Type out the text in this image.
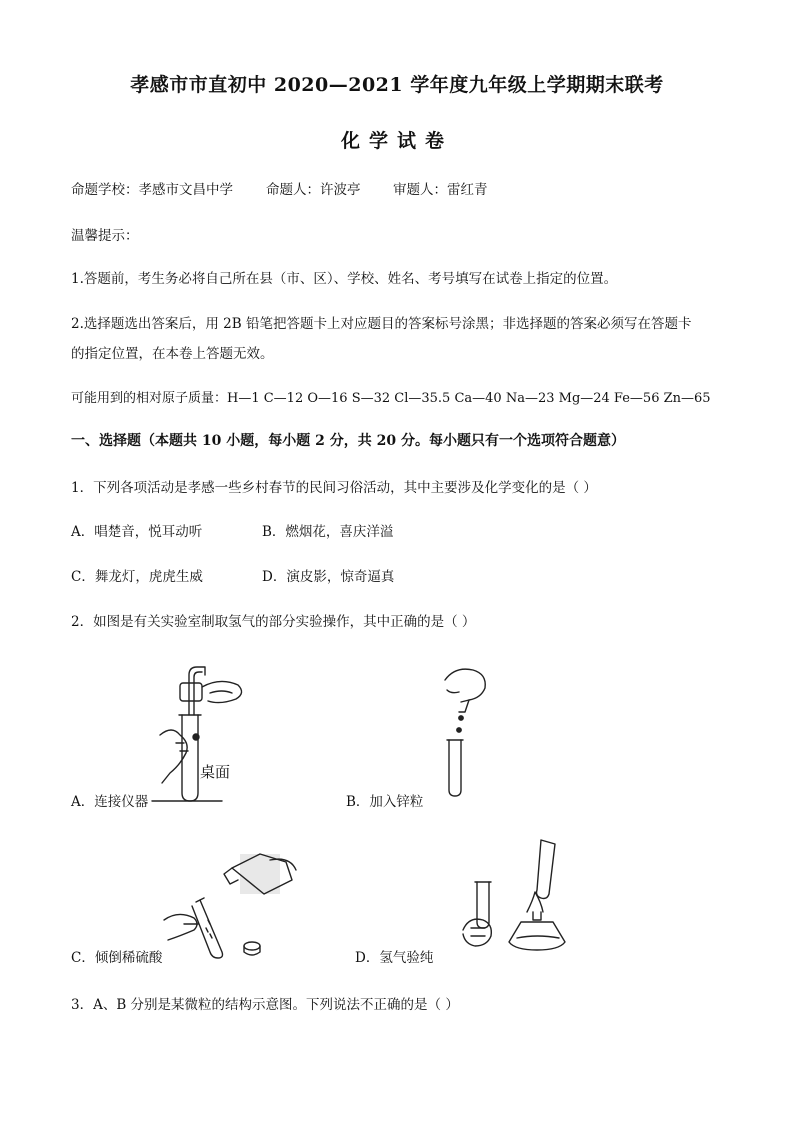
孝感市市直初中 2020—2021 学年度九年级上学期期末联考
化学试卷
命题学校：孝感市文昌中学 命题人：许波亭 审题人：雷红青
温馨提示：
1.答题前，考生务必将自己所在县（市、区）、学校、姓名、考号填写在试卷上指定的位置。
2.选择题选出答案后，用 2B 铅笔把答题卡上对应题目的答案标号涂黑；非选择题的答案必须写在答题卡
的指定位置，在本卷上答题无效。
可能用到的相对原子质量：H—1 C—12 O—16 S—32 Cl—35.5 Ca—40 Na—23 Mg—24 Fe—56 Zn—65
一、选择题（本题共 10 小题，每小题 2 分，共 20 分。每小题只有一个选项符合题意）
1．下列各项活动是孝感一些乡村春节的民间习俗活动，其中主要涉及化学变化的是（ ）
A．唱楚音，悦耳动听	B．燃烟花，喜庆洋溢
C．舞龙灯，虎虎生威	D．演皮影，惊奇逼真
2．如图是有关实验室制取氢气的部分实验操作，其中正确的是（ ）
桌面
A．连接仪器	B．加入锌粒
C．倾倒稀硫酸	D．氢气验纯
3．A、B 分别是某微粒的结构示意图。下列说法不正确的是（ ）
